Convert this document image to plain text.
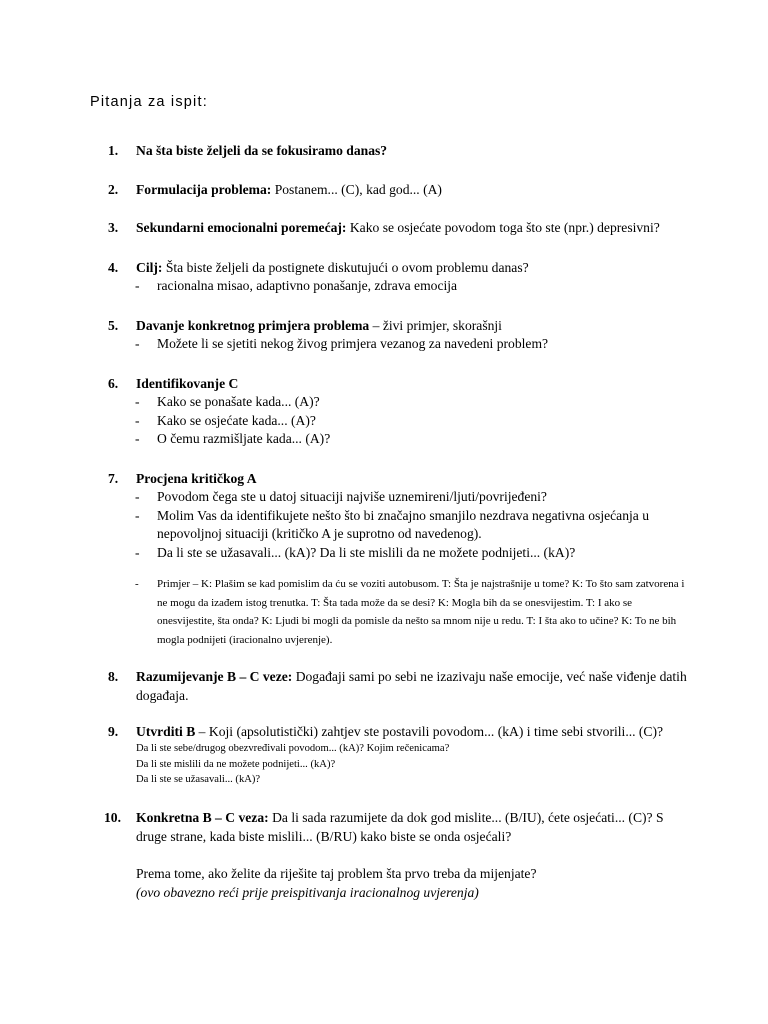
Pitanja za ispit:
1.	Na šta biste željeli da se fokusiramo danas?
2.	Formulacija problema: Postanem... (C), kad god... (A)
3.	Sekundarni emocionalni poremećaj: Kako se osjećate povodom toga što ste (npr.) depresivni?
4.	Cilj: Šta biste željeli da postignete diskutujući o ovom problemu danas?
- racionalna misao, adaptivno ponašanje, zdrava emocija
5.	Davanje konkretnog primjera problema – živi primjer, skorašnji
- Možete li se sjetiti nekog živog primjera vezanog za navedeni problem?
6.	Identifikovanje C
- Kako se ponašate kada... (A)?
- Kako se osjećate kada... (A)?
- O čemu razmišljate kada... (A)?
7.	Procjena kritičkog A
- Povodom čega ste u datoj situaciji najviše uznemireni/ljuti/povrijeđeni?
- Molim Vas da identifikujete nešto što bi značajno smanjilo nezdrava negativna osjećanja u nepovoljnoj situaciji (kritičko A je suprotno od navedenog).
- Da li ste se užasavali... (kA)? Da li ste mislili da ne možete podnijeti... (kA)?
- Primjer – K: Plašim se kad pomislim da ću se voziti autobusom. T: Šta je najstrašnije u tome? K: To što sam zatvorena i ne mogu da izađem istog trenutka. T: Šta tada može da se desi? K: Mogla bih da se onesvijestim. T: I ako se onesvijestite, šta onda? K: Ljudi bi mogli da pomisle da nešto sa mnom nije u redu. T: I šta ako to učine? K: To ne bih mogla podnijeti (iracionalno uvjerenje).
8.	Razumijevanje B – C veze: Događaji sami po sebi ne izazivaju naše emocije, već naše viđenje datih događaja.
9.	Utvrditi B – Koji (apsolutistički) zahtjev ste postavili povodom... (kA) i time sebi stvorili... (C)?
Da li ste sebe/drugog obezvređivali povodom... (kA)? Kojim rečenicama?
Da li ste mislili da ne možete podnijeti... (kA)?
Da li ste se užasavali... (kA)?
10.	Konkretna B – C veza: Da li sada razumijete da dok god mislite... (B/IU), ćete osjećati... (C)? S druge strane, kada biste mislili... (B/RU) kako biste se onda osjećali?
Prema tome, ako želite da riješite taj problem šta prvo treba da mijenjate?
(ovo obavezno reći prije preispitivanja iracionalnog uvjerenja)
